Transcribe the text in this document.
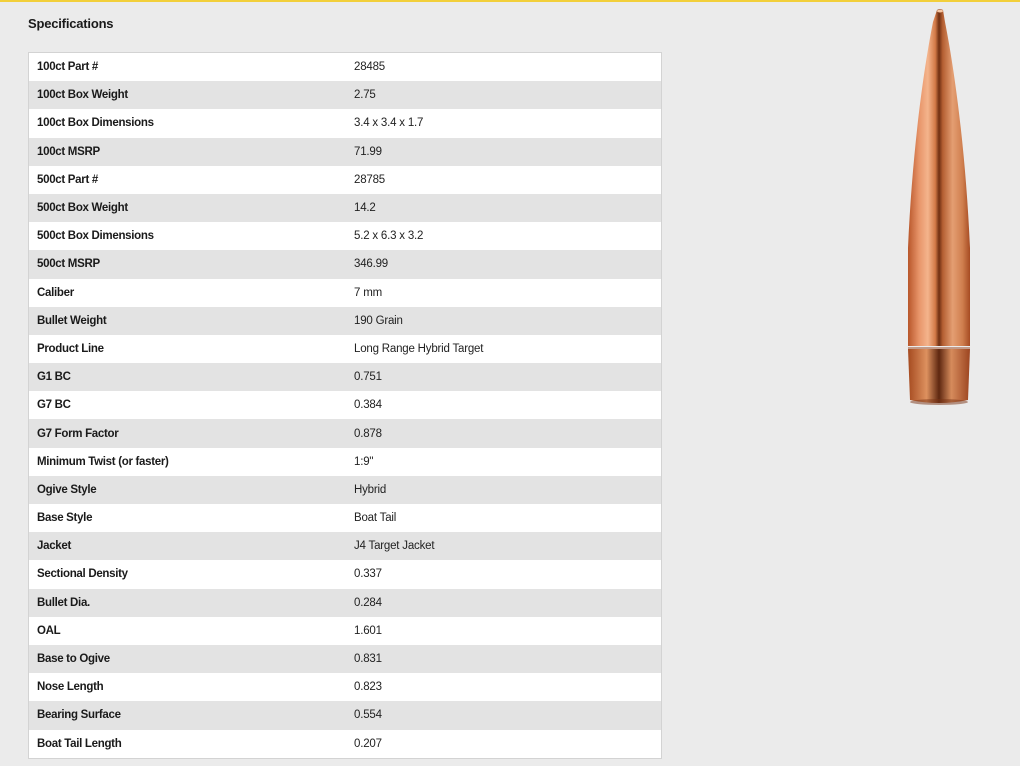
Specifications
100ct Part #	28485
100ct Box Weight	2.75
100ct Box Dimensions	3.4 x 3.4 x 1.7
100ct MSRP	71.99
500ct Part #	28785
500ct Box Weight	14.2
500ct Box Dimensions	5.2 x 6.3 x 3.2
500ct MSRP	346.99
Caliber	7 mm
Bullet Weight	190 Grain
Product Line	Long Range Hybrid Target
G1 BC	0.751
G7 BC	0.384
G7 Form Factor	0.878
Minimum Twist (or faster)	1:9"
Ogive Style	Hybrid
Base Style	Boat Tail
Jacket	J4 Target Jacket
Sectional Density	0.337
Bullet Dia.	0.284
OAL	1.601
Base to Ogive	0.831
Nose Length	0.823
Bearing Surface	0.554
Boat Tail Length	0.207
